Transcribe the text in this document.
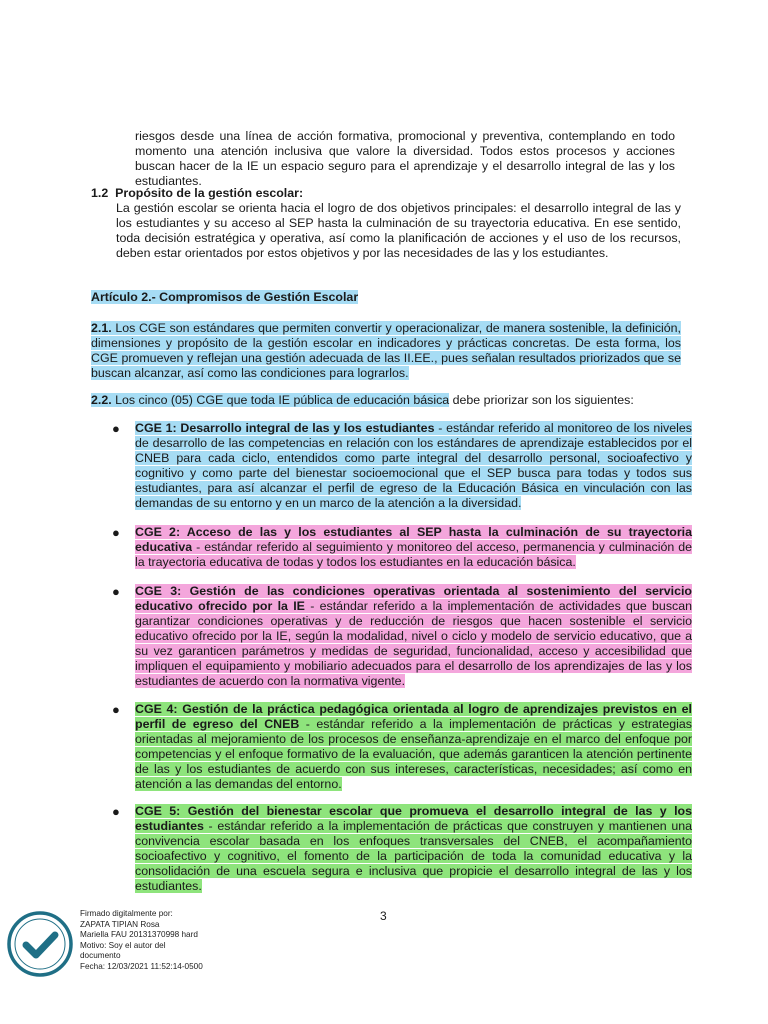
riesgos desde una línea de acción formativa, promocional y preventiva, contemplando en todo momento una atención inclusiva que valore la diversidad. Todos estos procesos y acciones buscan hacer de la IE un espacio seguro para el aprendizaje y el desarrollo integral de las y los estudiantes.

1.2 Propósito de la gestión escolar:

La gestión escolar se orienta hacia el logro de dos objetivos principales: el desarrollo integral de las y los estudiantes y su acceso al SEP hasta la culminación de su trayectoria educativa. En ese sentido, toda decisión estratégica y operativa, así como la planificación de acciones y el uso de los recursos, deben estar orientados por estos objetivos y por las necesidades de las y los estudiantes.

Artículo 2.- Compromisos de Gestión Escolar

2.1. Los CGE son estándares que permiten convertir y operacionalizar, de manera sostenible, la definición, dimensiones y propósito de la gestión escolar en indicadores y prácticas concretas. De esta forma, los CGE promueven y reflejan una gestión adecuada de las II.EE., pues señalan resultados priorizados que se buscan alcanzar, así como las condiciones para lograrlos.

2.2. Los cinco (05) CGE que toda IE pública de educación básica debe priorizar son los siguientes:

● CGE 1: Desarrollo integral de las y los estudiantes - estándar referido al monitoreo de los niveles de desarrollo de las competencias en relación con los estándares de aprendizaje establecidos por el CNEB para cada ciclo, entendidos como parte integral del desarrollo personal, socioafectivo y cognitivo y como parte del bienestar socioemocional que el SEP busca para todas y todos sus estudiantes, para así alcanzar el perfil de egreso de la Educación Básica en vinculación con las demandas de su entorno y en un marco de la atención a la diversidad.

● CGE 2: Acceso de las y los estudiantes al SEP hasta la culminación de su trayectoria educativa - estándar referido al seguimiento y monitoreo del acceso, permanencia y culminación de la trayectoria educativa de todas y todos los estudiantes en la educación básica.

● CGE 3: Gestión de las condiciones operativas orientada al sostenimiento del servicio educativo ofrecido por la IE - estándar referido a la implementación de actividades que buscan garantizar condiciones operativas y de reducción de riesgos que hacen sostenible el servicio educativo ofrecido por la IE, según la modalidad, nivel o ciclo y modelo de servicio educativo, que a su vez garanticen parámetros y medidas de seguridad, funcionalidad, acceso y accesibilidad que impliquen el equipamiento y mobiliario adecuados para el desarrollo de los aprendizajes de las y los estudiantes de acuerdo con la normativa vigente.

● CGE 4: Gestión de la práctica pedagógica orientada al logro de aprendizajes previstos en el perfil de egreso del CNEB - estándar referido a la implementación de prácticas y estrategias orientadas al mejoramiento de los procesos de enseñanza-aprendizaje en el marco del enfoque por competencias y el enfoque formativo de la evaluación, que además garanticen la atención pertinente de las y los estudiantes de acuerdo con sus intereses, características, necesidades; así como en atención a las demandas del entorno.

● CGE 5: Gestión del bienestar escolar que promueva el desarrollo integral de las y los estudiantes - estándar referido a la implementación de prácticas que construyen y mantienen una convivencia escolar basada en los enfoques transversales del CNEB, el acompañamiento socioafectivo y cognitivo, el fomento de la participación de toda la comunidad educativa y la consolidación de una escuela segura e inclusiva que propicie el desarrollo integral de las y los estudiantes.

Firmado digitalmente por:
ZAPATA TIPIAN Rosa
Mariella FAU 20131370998 hard
Motivo: Soy el autor del
documento
Fecha: 12/03/2021 11:52:14-0500
3
